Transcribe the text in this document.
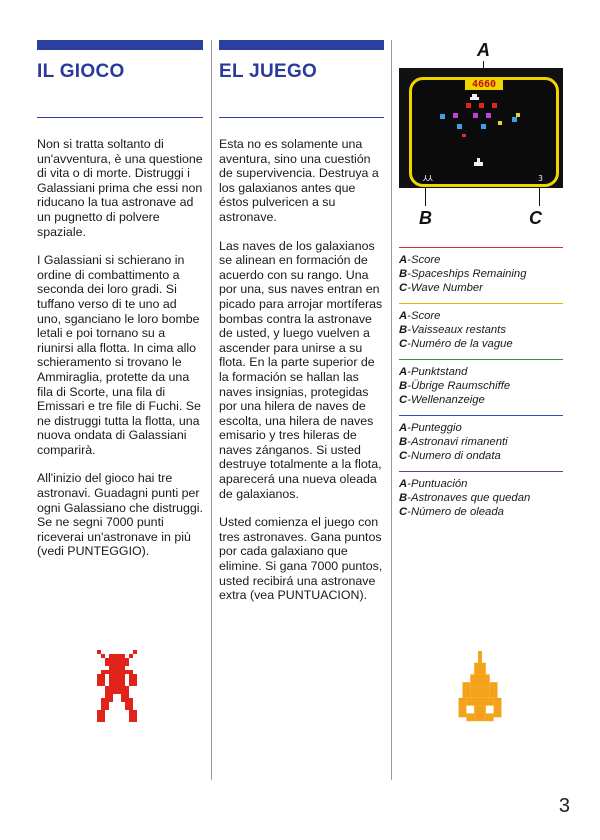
IL GIOCO

Non si tratta soltanto di un'avventura, è una questione di vita o di morte. Distruggi i Galassiani prima che essi non riducano la tua astronave ad un pugnetto di polvere spaziale.

I Galassiani si schierano in ordine di combattimento a seconda dei loro gradi. Si tuffano verso di te uno ad uno, sganciano le loro bombe letali e poi tornano su a riunirsi alla flotta. In cima allo schieramento si trovano le Ammiraglia, protette da una fila di Scorte, una fila di Emissari e tre file di Fuchi. Se ne distruggi tutta la flotta, una nuova ondata di Galassiani comparirà.

All'inizio del gioco hai tre astronavi. Guadagni punti per ogni Galassiano che distruggi. Se ne segni 7000 punti riceverai un'astronave in più (vedi PUNTEGGIO).

EL JUEGO

Esta no es solamente una aventura, sino una cuestión de supervivencia. Destruya a los galaxianos antes que éstos pulvericen a su astronave.

Las naves de los galaxianos se alinean en formación de acuerdo con su rango. Una por una, sus naves entran en picado para arrojar mortíferas bombas contra la astronave de usted, y luego vuelven a ascender para unirse a su flota. En la parte superior de la formación se hallan las naves insignias, protegidas por una hilera de naves de escolta, una hilera de naves emisario y tres hileras de naves zánganos. Si usted destruye totalmente a la flota, aparecerá una nueva oleada de galaxianos.

Usted comienza el juego con tres astronaves. Gana puntos por cada galaxiano que elimine. Si gana 7000 puntos, usted recibirá una astronave extra (vea PUNTUACION).

A
4660
⅄⅄	3
B	C
A-Score
B-Spaceships Remaining
C-Wave Number
A-Score
B-Vaisseaux restants
C-Numéro de la vague
A-Punktstand
B-Übrige Raumschiffe
C-Wellenanzeige
A-Punteggio
B-Astronavi rimanenti
C-Numero di ondata
A-Puntuación
B-Astronaves que quedan
C-Número de oleada
3
